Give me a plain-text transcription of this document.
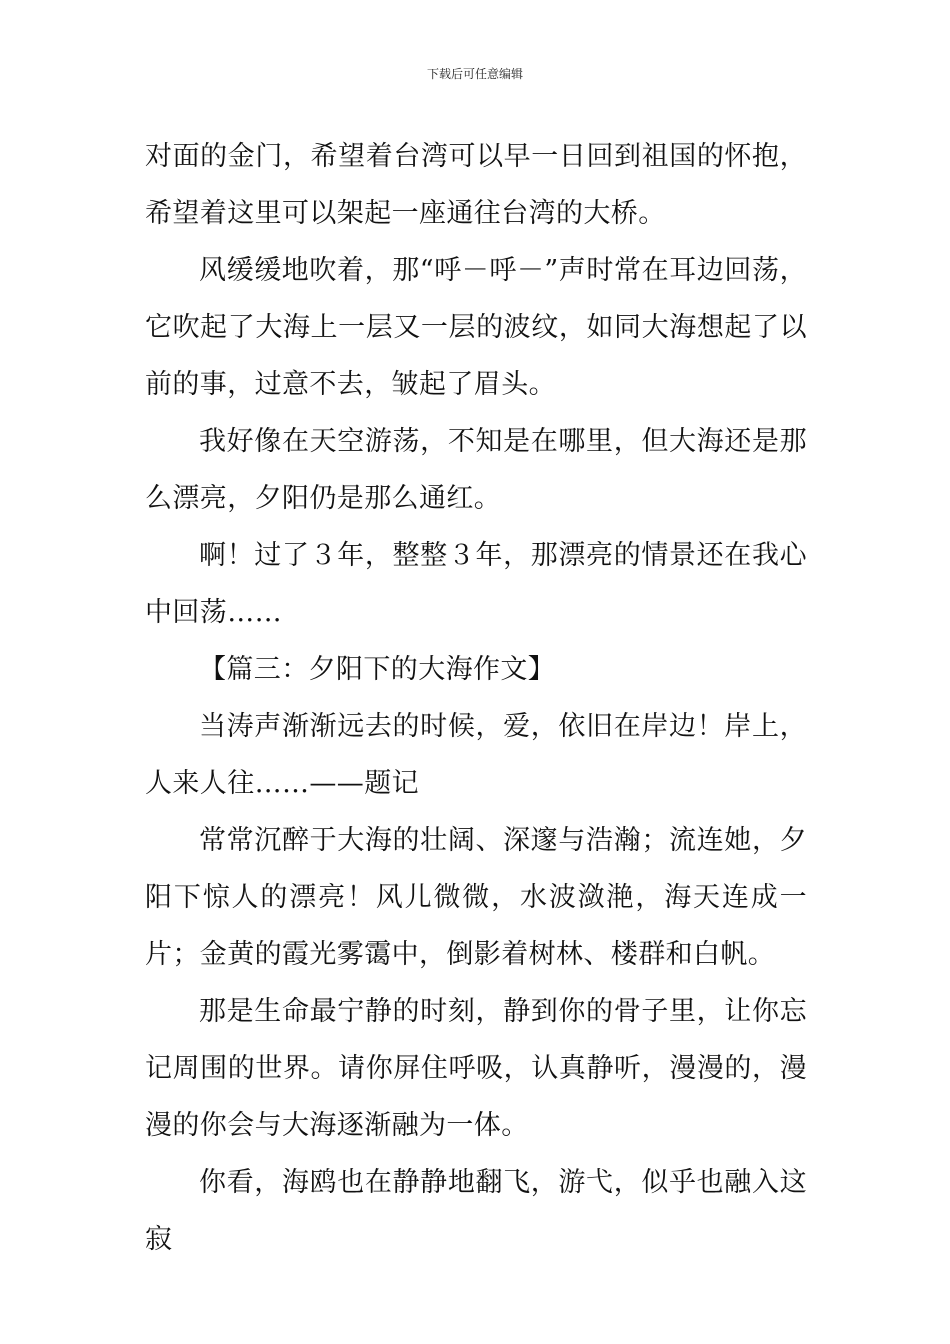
下载后可任意编辑

对面的金门，希望着台湾可以早一日回到祖国的怀抱，希望着这里可以架起一座通往台湾的大桥。

风缓缓地吹着，那“呼－呼－”声时常在耳边回荡，它吹起了大海上一层又一层的波纹，如同大海想起了以前的事，过意不去，皱起了眉头。

我好像在天空游荡，不知是在哪里，但大海还是那么漂亮，夕阳仍是那么通红。

啊！过了３年，整整３年，那漂亮的情景还在我心中回荡……

【篇三：夕阳下的大海作文】

当涛声渐渐远去的时候，爱，依旧在岸边！岸上，人来人往……——题记

常常沉醉于大海的壮阔、深邃与浩瀚；流连她，夕阳下惊人的漂亮！风儿微微，水波潋滟，海天连成一片；金黄的霞光雾霭中，倒影着树林、楼群和白帆。

那是生命最宁静的时刻，静到你的骨子里，让你忘记周围的世界。请你屏住呼吸，认真静听，漫漫的，漫漫的你会与大海逐渐融为一体。

你看，海鸥也在静静地翻飞，游弋，似乎也融入这寂
